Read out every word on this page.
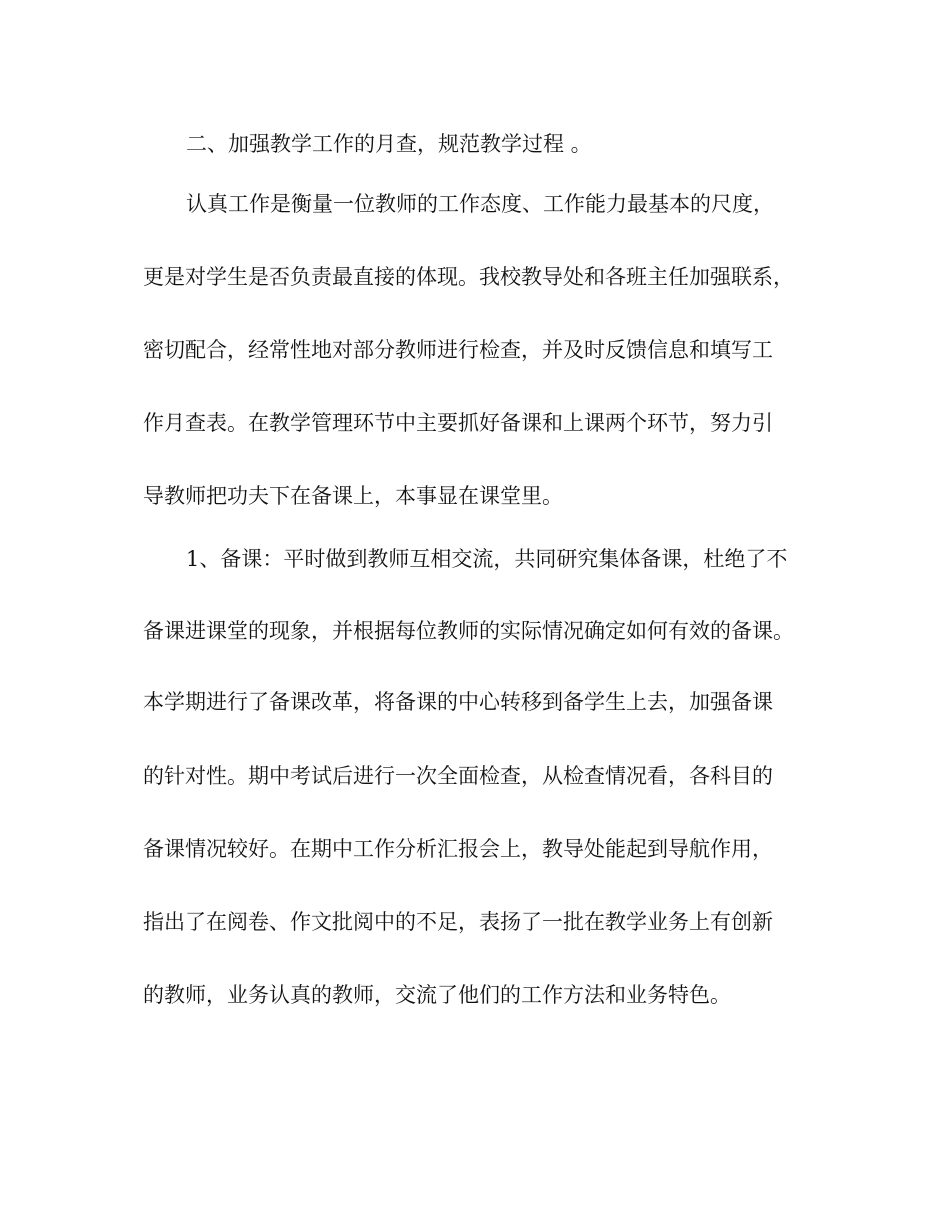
二、加强教学工作的月查，规范教学过程 。
认真工作是衡量一位教师的工作态度、工作能力最基本的尺度，
更是对学生是否负责最直接的体现。我校教导处和各班主任加强联系，
密切配合，经常性地对部分教师进行检查，并及时反馈信息和填写工
作月查表。在教学管理环节中主要抓好备课和上课两个环节，努力引
导教师把功夫下在备课上，本事显在课堂里。
1、备课：平时做到教师互相交流，共同研究集体备课，杜绝了不
备课进课堂的现象，并根据每位教师的实际情况确定如何有效的备课。
本学期进行了备课改革，将备课的中心转移到备学生上去，加强备课
的针对性。期中考试后进行一次全面检查，从检查情况看，各科目的
备课情况较好。在期中工作分析汇报会上，教导处能起到导航作用，
指出了在阅卷、作文批阅中的不足，表扬了一批在教学业务上有创新
的教师，业务认真的教师，交流了他们的工作方法和业务特色。
